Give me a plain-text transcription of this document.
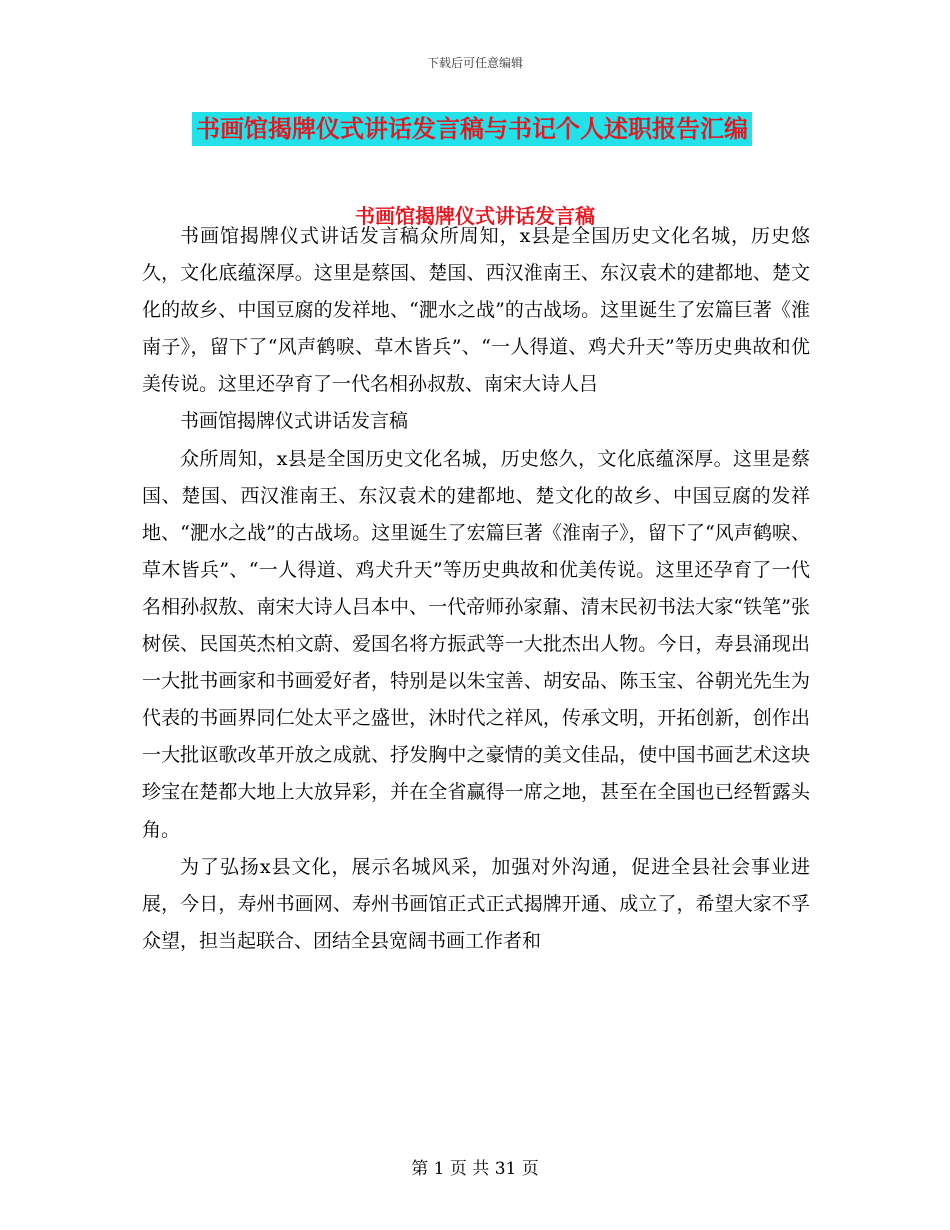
下载后可任意编辑
书画馆揭牌仪式讲话发言稿与书记个人述职报告汇编
书画馆揭牌仪式讲话发言稿

书画馆揭牌仪式讲话发言稿众所周知，x县是全国历史文化名城，历史悠久，文化底蕴深厚。这里是蔡国、楚国、西汉淮南王、东汉袁术的建都地、楚文化的故乡、中国豆腐的发祥地、“淝水之战”的古战场。这里诞生了宏篇巨著《淮南子》，留下了“风声鹤唳、草木皆兵”、“一人得道、鸡犬升天”等历史典故和优美传说。这里还孕育了一代名相孙叔敖、南宋大诗人吕

书画馆揭牌仪式讲话发言稿

众所周知，x县是全国历史文化名城，历史悠久，文化底蕴深厚。这里是蔡国、楚国、西汉淮南王、东汉袁术的建都地、楚文化的故乡、中国豆腐的发祥地、“淝水之战”的古战场。这里诞生了宏篇巨著《淮南子》，留下了“风声鹤唳、草木皆兵”、“一人得道、鸡犬升天”等历史典故和优美传说。这里还孕育了一代名相孙叔敖、南宋大诗人吕本中、一代帝师孙家鼐、清末民初书法大家“铁笔”张树侯、民国英杰柏文蔚、爱国名将方振武等一大批杰出人物。今日，寿县涌现出一大批书画家和书画爱好者，特别是以朱宝善、胡安品、陈玉宝、谷朝光先生为代表的书画界同仁处太平之盛世，沐时代之祥风，传承文明，开拓创新，创作出一大批讴歌改革开放之成就、抒发胸中之豪情的美文佳品，使中国书画艺术这块珍宝在楚都大地上大放异彩，并在全省赢得一席之地，甚至在全国也已经暂露头角。

为了弘扬x县文化，展示名城风采，加强对外沟通，促进全县社会事业进展，今日，寿州书画网、寿州书画馆正式正式揭牌开通、成立了，希望大家不孚众望，担当起联合、团结全县宽阔书画工作者和

第 1 页 共 31 页
